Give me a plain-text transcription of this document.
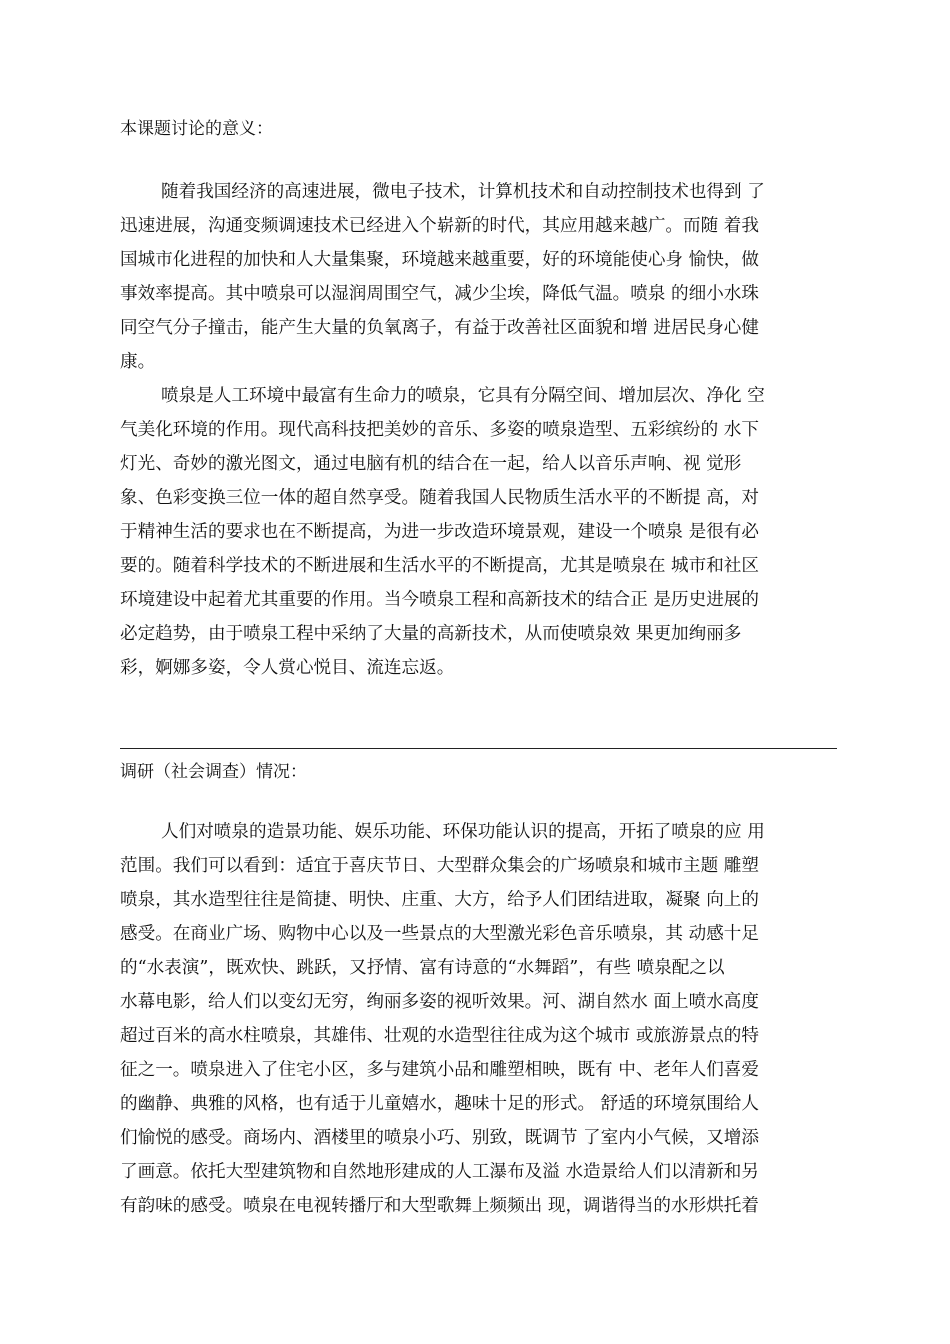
本课题讨论的意义：
随着我国经济的高速进展，微电子技术，计算机技术和自动控制技术也得到 了
迅速进展，沟通变频调速技术已经进入个崭新的时代，其应用越来越广。而随 着我
国城市化进程的加快和人大量集聚，环境越来越重要，好的环境能使心身 愉快，做
事效率提高。其中喷泉可以湿润周围空气，减少尘埃，降低气温。喷泉 的细小水珠
同空气分子撞击，能产生大量的负氧离子，有益于改善社区面貌和增 进居民身心健
康。
喷泉是人工环境中最富有生命力的喷泉，它具有分隔空间、增加层次、净化 空
气美化环境的作用。现代高科技把美妙的音乐、多姿的喷泉造型、五彩缤纷的 水下
灯光、奇妙的激光图文，通过电脑有机的结合在一起，给人以音乐声响、视 觉形
象、色彩变换三位一体的超自然享受。随着我国人民物质生活水平的不断提 高，对
于精神生活的要求也在不断提高，为进一步改造环境景观，建设一个喷泉 是很有必
要的。随着科学技术的不断进展和生活水平的不断提高，尤其是喷泉在 城市和社区
环境建设中起着尤其重要的作用。当今喷泉工程和高新技术的结合正 是历史进展的
必定趋势，由于喷泉工程中采纳了大量的高新技术，从而使喷泉效 果更加绚丽多
彩，婀娜多姿，令人赏心悦目、流连忘返。
调研（社会调查）情况：
人们对喷泉的造景功能、娱乐功能、环保功能认识的提高，开拓了喷泉的应 用
范围。我们可以看到：适宜于喜庆节日、大型群众集会的广场喷泉和城市主题 雕塑
喷泉，其水造型往往是简捷、明快、庄重、大方，给予人们团结进取，凝聚 向上的
感受。在商业广场、购物中心以及一些景点的大型激光彩色音乐喷泉，其 动感十足
的“水表演”，既欢快、跳跃，又抒情、富有诗意的“水舞蹈”，有些 喷泉配之以
水幕电影，给人们以变幻无穷，绚丽多姿的视听效果。河、湖自然水 面上喷水高度
超过百米的高水柱喷泉，其雄伟、壮观的水造型往往成为这个城市 或旅游景点的特
征之一。喷泉进入了住宅小区，多与建筑小品和雕塑相映，既有 中、老年人们喜爱
的幽静、典雅的风格，也有适于儿童嬉水，趣味十足的形式。 舒适的环境氛围给人
们愉悦的感受。商场内、酒楼里的喷泉小巧、别致，既调节 了室内小气候，又增添
了画意。依托大型建筑物和自然地形建成的人工瀑布及溢 水造景给人们以清新和另
有韵味的感受。喷泉在电视转播厅和大型歌舞上频频出 现，调谐得当的水形烘托着
